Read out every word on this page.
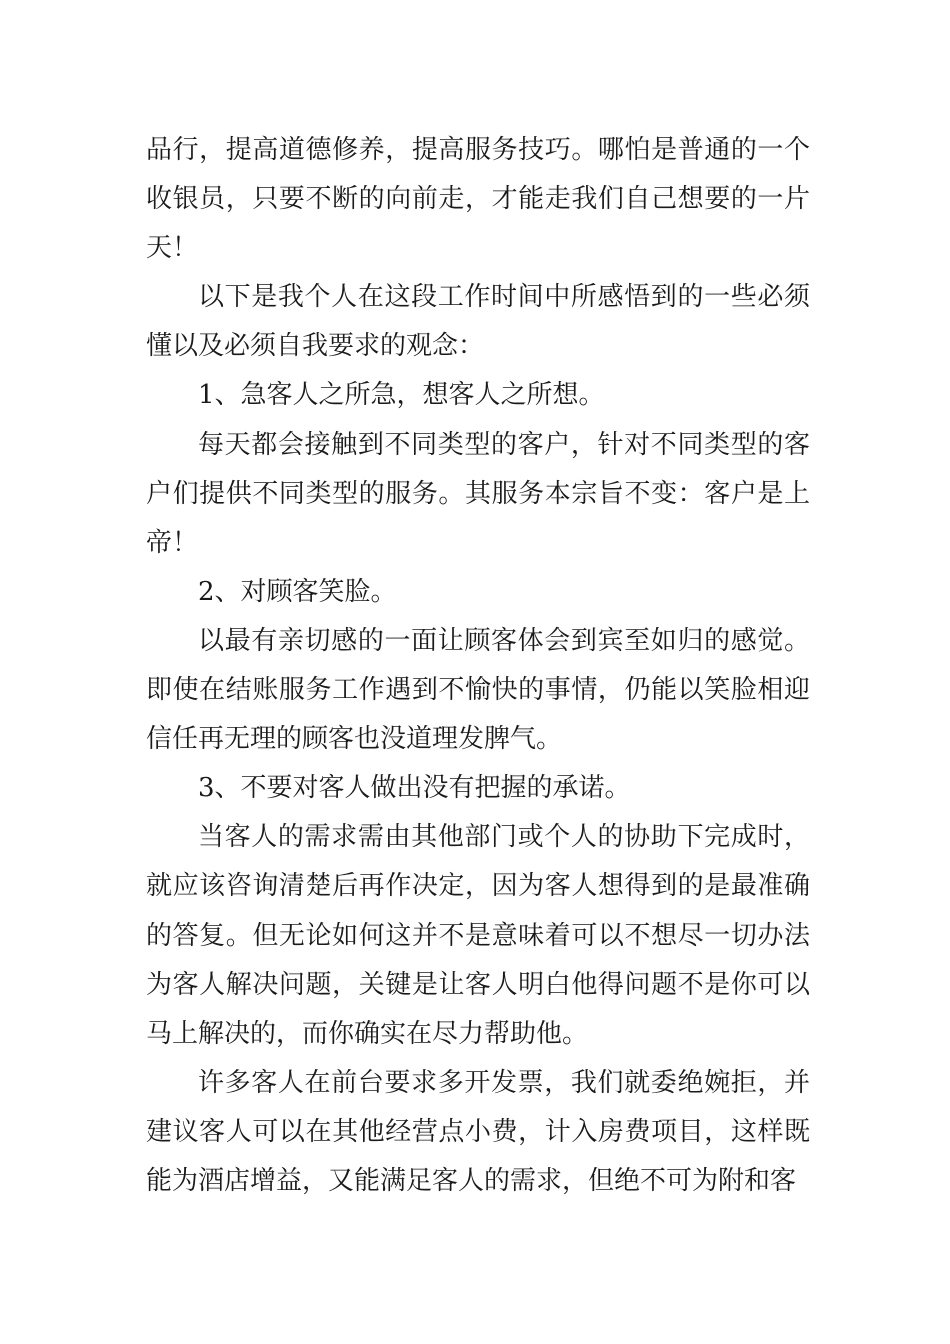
品行，提高道德修养，提高服务技巧。哪怕是普通的一个收银员，只要不断的向前走，才能走我们自己想要的一片天！

以下是我个人在这段工作时间中所感悟到的一些必须懂以及必须自我要求的观念：

1、急客人之所急，想客人之所想。

每天都会接触到不同类型的客户，针对不同类型的客户们提供不同类型的服务。其服务本宗旨不变：客户是上帝！

2、对顾客笑脸。

以最有亲切感的一面让顾客体会到宾至如归的感觉。即使在结账服务工作遇到不愉快的事情，仍能以笑脸相迎信任再无理的顾客也没道理发脾气。

3、不要对客人做出没有把握的承诺。

当客人的需求需由其他部门或个人的协助下完成时，就应该咨询清楚后再作决定，因为客人想得到的是最准确的答复。但无论如何这并不是意味着可以不想尽一切办法为客人解决问题，关键是让客人明白他得问题不是你可以马上解决的，而你确实在尽力帮助他。

许多客人在前台要求多开发票，我们就委绝婉拒，并建议客人可以在其他经营点小费，计入房费项目，这样既能为酒店增益，又能满足客人的需求，但绝不可为附和客
